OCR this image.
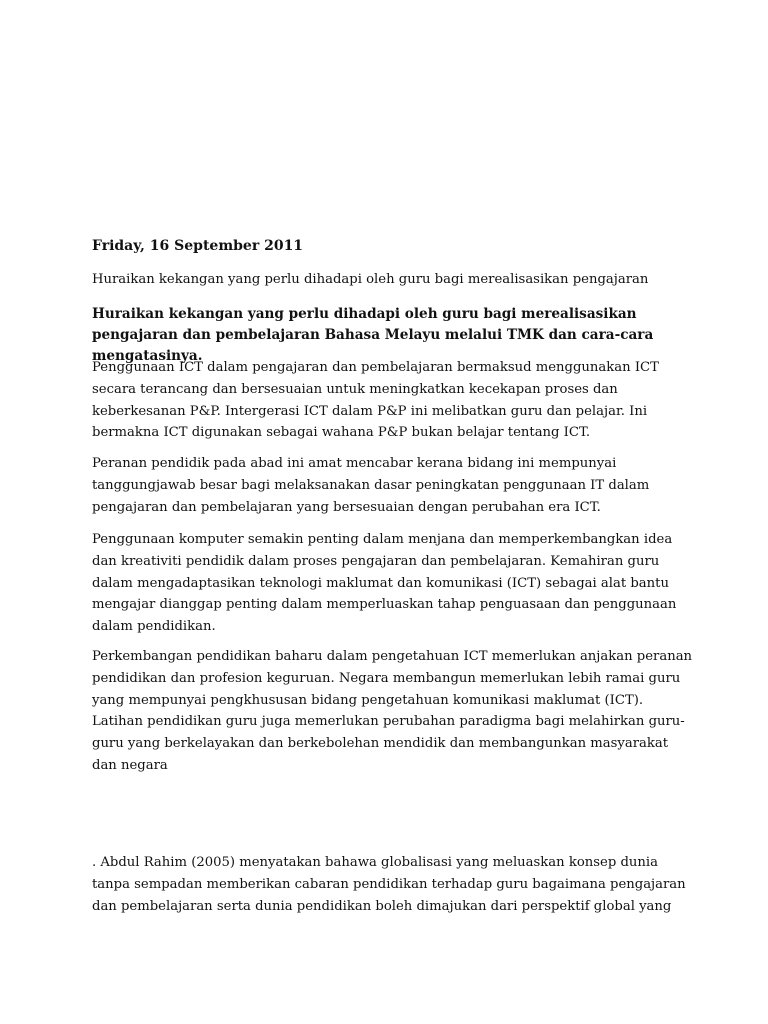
Friday, 16 September 2011
Huraikan kekangan yang perlu dihadapi oleh guru bagi merealisasikan pengajaran
Huraikan kekangan yang perlu dihadapi oleh guru bagi merealisasikan pengajaran dan pembelajaran Bahasa Melayu melalui TMK dan cara-cara mengatasinya.

Penggunaan ICT dalam pengajaran dan pembelajaran bermaksud menggunakan ICT secara terancang dan bersesuaian untuk meningkatkan kecekapan proses dan keberkesanan P&P. Intergerasi ICT dalam P&P ini melibatkan guru dan pelajar. Ini bermakna ICT digunakan sebagai wahana P&P bukan belajar tentang ICT.

Peranan pendidik pada abad ini amat mencabar kerana bidang ini mempunyai tanggungjawab besar bagi melaksanakan dasar peningkatan penggunaan IT dalam pengajaran dan pembelajaran yang bersesuaian dengan perubahan era ICT.

Penggunaan komputer semakin penting dalam menjana dan memperkembangkan idea dan kreativiti pendidik dalam proses pengajaran dan pembelajaran. Kemahiran guru dalam mengadaptasikan teknologi maklumat dan komunikasi (ICT) sebagai alat bantu mengajar dianggap penting dalam memperluaskan tahap penguasaan dan penggunaan dalam pendidikan.

Perkembangan pendidikan baharu dalam pengetahuan ICT memerlukan anjakan peranan pendidikan dan profesion keguruan. Negara membangun memerlukan lebih ramai guru yang mempunyai pengkhususan bidang pengetahuan komunikasi maklumat (ICT). Latihan pendidikan guru juga memerlukan perubahan paradigma bagi melahirkan guru-guru yang berkelayakan dan berkebolehan mendidik dan membangunkan masyarakat dan negara

. Abdul Rahim (2005) menyatakan bahawa globalisasi yang meluaskan konsep dunia tanpa sempadan memberikan cabaran pendidikan terhadap guru bagaimana pengajaran dan pembelajaran serta dunia pendidikan boleh dimajukan dari perspektif global yang
